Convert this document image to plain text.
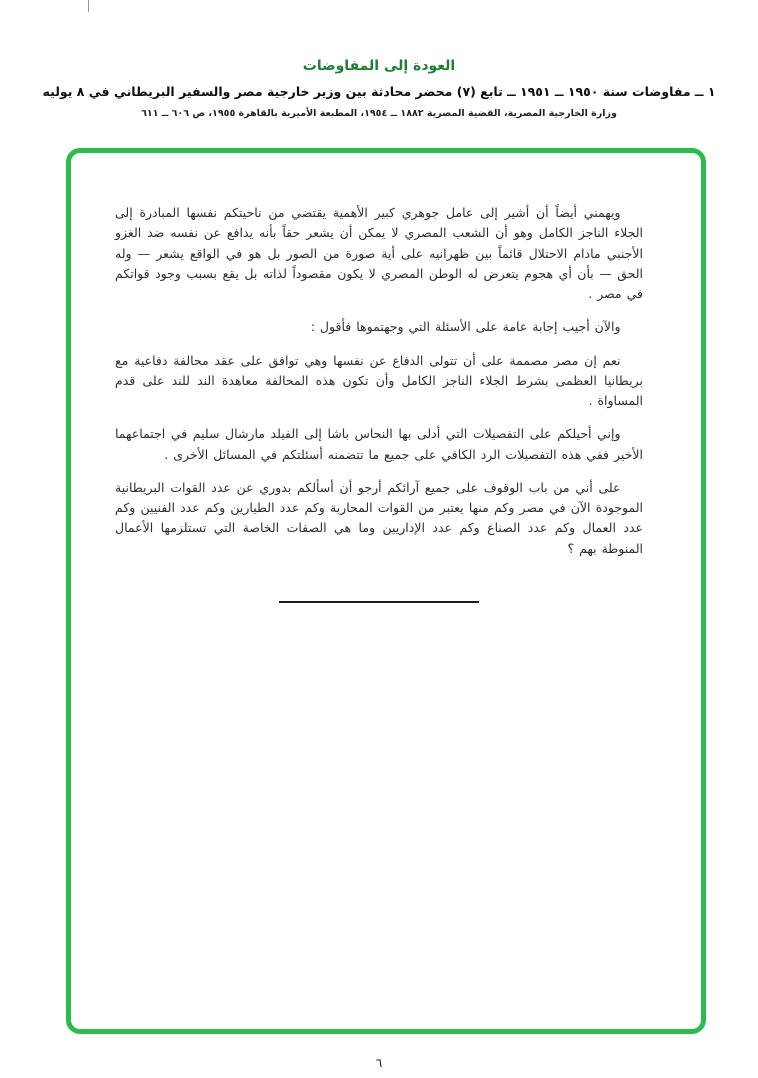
العودة إلى المفاوضات
١ ــ مفاوضات سنة ١٩٥٠ ــ ١٩٥١ ــ تابع (٧) محضر محادثة بين وزير خارجية مصر والسفير البريطاني في ٨ يوليه
وزارة الخارجية المصرية، القضية المصرية ١٨٨٢ ــ ١٩٥٤، المطبعة الأميرية بالقاهرة ١٩٥٥، ص ٦٠٦ ــ ٦١١

ويهمني أيضاً أن أشير إلى عامل جوهري كبير الأهمية يقتضي من ناحيتكم نفسها المبادرة إلى الجلاء الناجز الكامل وهو أن الشعب المصري لا يمكن أن يشعر حقاً بأنه يدافع عن نفسه ضد الغزو الأجنبي مادام الاحتلال قائماً بين ظهرانيه على أية صورة من الصور بل هو في الواقع يشعر — وله الحق — بأن أي هجوم يتعرض له الوطن المصري لا يكون مقصوداً لذاته بل يقع بسبب وجود قواتكم في مصر .

والآن أجيب إجابة عامة على الأسئلة التي وجهتموها فأقول :

نعم إن مصر مصممة على أن تتولى الدفاع عن نفسها وهي توافق على عقد محالفة دفاعية مع بريطانيا العظمى بشرط الجلاء الناجز الكامل وأن تكون هذه المحالفة معاهدة الند للند على قدم المساواة .

وإني أحيلكم على التفصيلات التي أدلى بها النحاس باشا إلى الفيلد مارشال سليم في اجتماعهما الأخير ففي هذه التفصيلات الرد الكافي على جميع ما تتضمنه أسئلتكم في المسائل الأخرى .

على أني من باب الوقوف على جميع آرائكم أرجو أن أسألكم بدوري عن عدد القوات البريطانية الموجودة الآن في مصر وكم منها يعتبر من القوات المحاربة وكم عدد الطيارين وكم عدد الفنيين وكم عدد العمال وكم عدد الصناع وكم عدد الإداريين وما هي الصفات الخاصة التي تستلزمها الأعمال المنوطة بهم ؟

٦
